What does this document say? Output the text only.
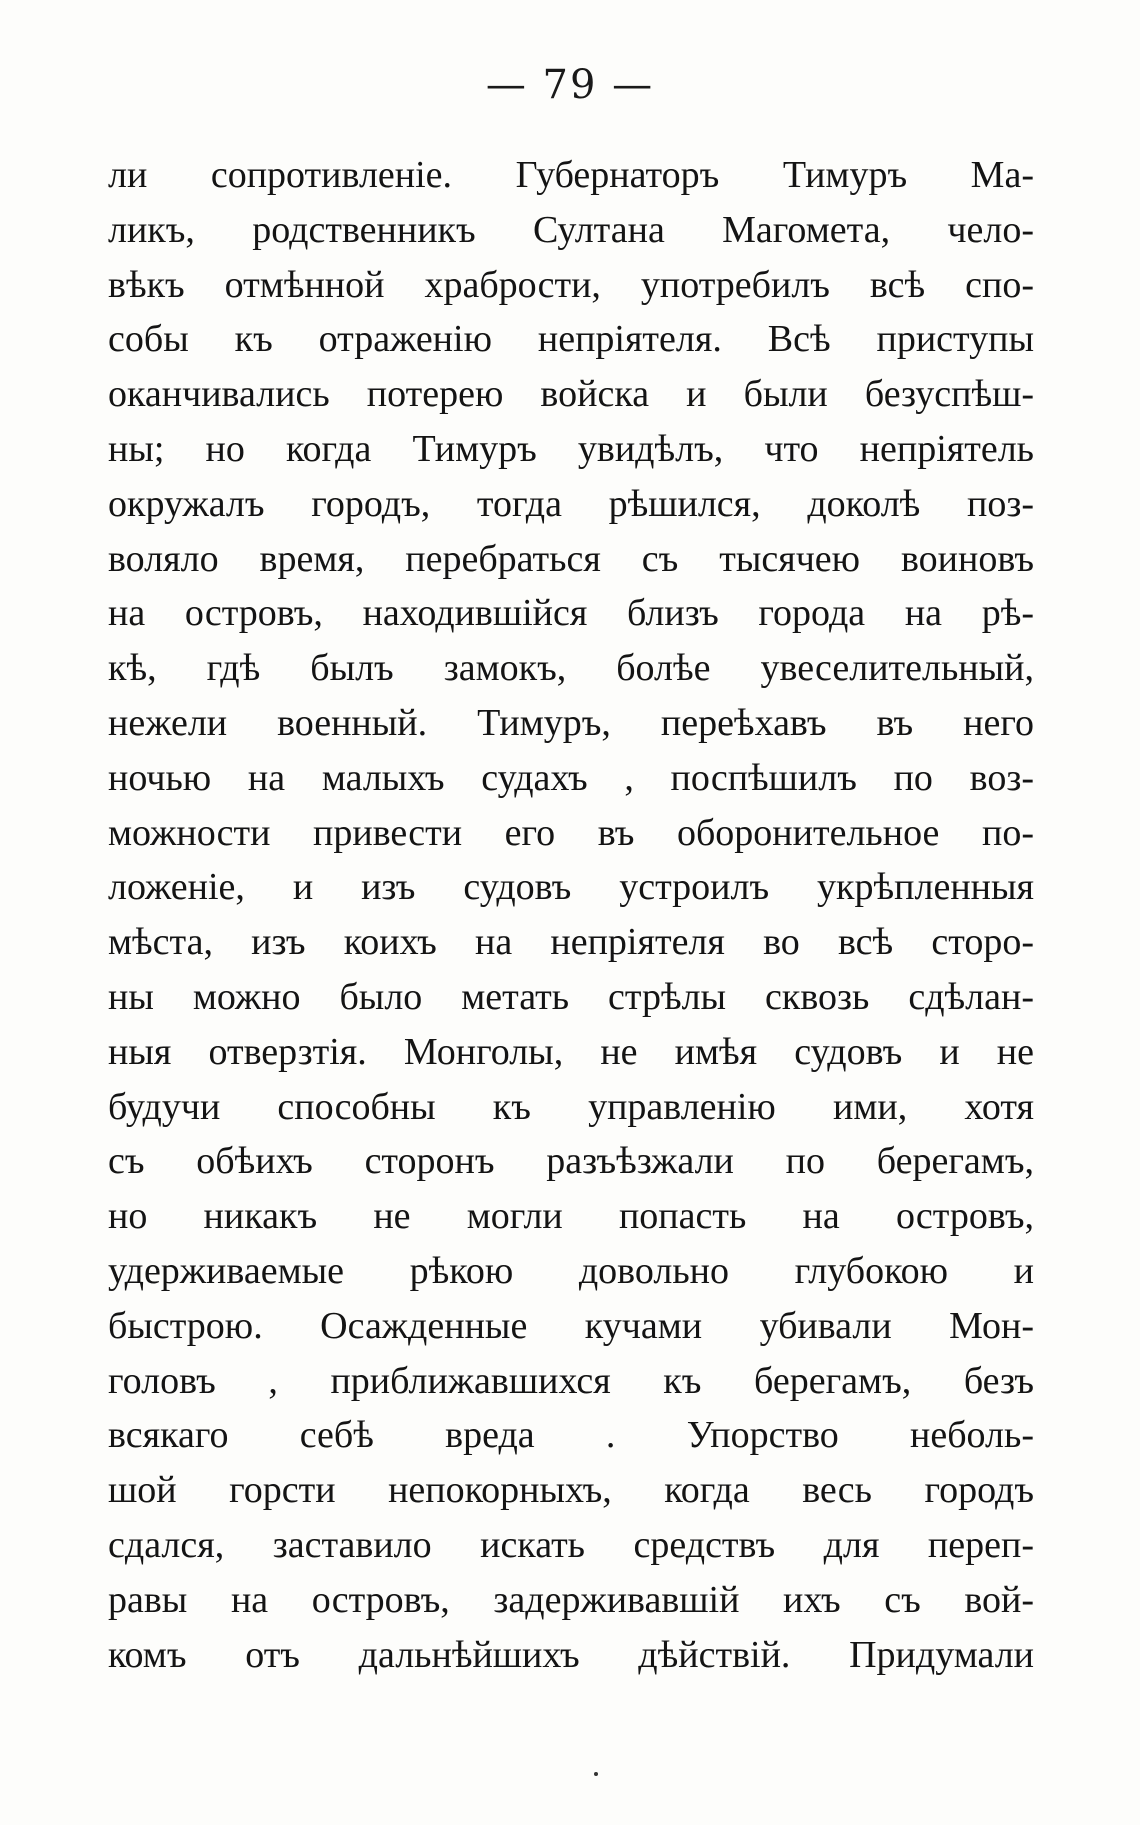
— 79 —
ли сопротивленіе. Губернаторъ Тимуръ Ма-
ликъ, родственникъ Султана Магомета, чело-
вѣкъ отмѣнной храбрости, употребилъ всѣ спо-
собы къ отраженію непріятеля. Всѣ приступы
оканчивались потерею войска и были безуспѣш-
ны; но когда Тимуръ увидѣлъ, что непріятель
окружалъ городъ, тогда рѣшился, доколѣ поз-
воляло время, перебраться съ тысячею воиновъ
на островъ, находившійся близъ города на рѣ-
кѣ, гдѣ былъ замокъ, болѣе увеселительный,
нежели военный. Тимуръ, переѣхавъ въ него
ночью на малыхъ судахъ , поспѣшилъ по воз-
можности привести его въ оборонительное по-
ложеніе, и изъ судовъ устроилъ укрѣпленныя
мѣста, изъ коихъ на непріятеля во всѣ сторо-
ны можно было метать стрѣлы сквозь сдѣлан-
ныя отверзтія. Монголы, не имѣя судовъ и не
будучи способны къ управленію ими, хотя
съ обѣихъ сторонъ разъѣзжали по берегамъ,
но никакъ не могли попасть на островъ,
удерживаемые рѣкою довольно глубокою и
быстрою. Осажденные кучами убивали Мон-
головъ , приближавшихся къ берегамъ, безъ
всякаго себѣ вреда . Упорство неболь-
шой горсти непокорныхъ, когда весь городъ
сдался, заставило искать средствъ для переп-
равы на островъ, задерживавшій ихъ съ вой-
комъ отъ дальнѣйшихъ дѣйствій. Придумали
